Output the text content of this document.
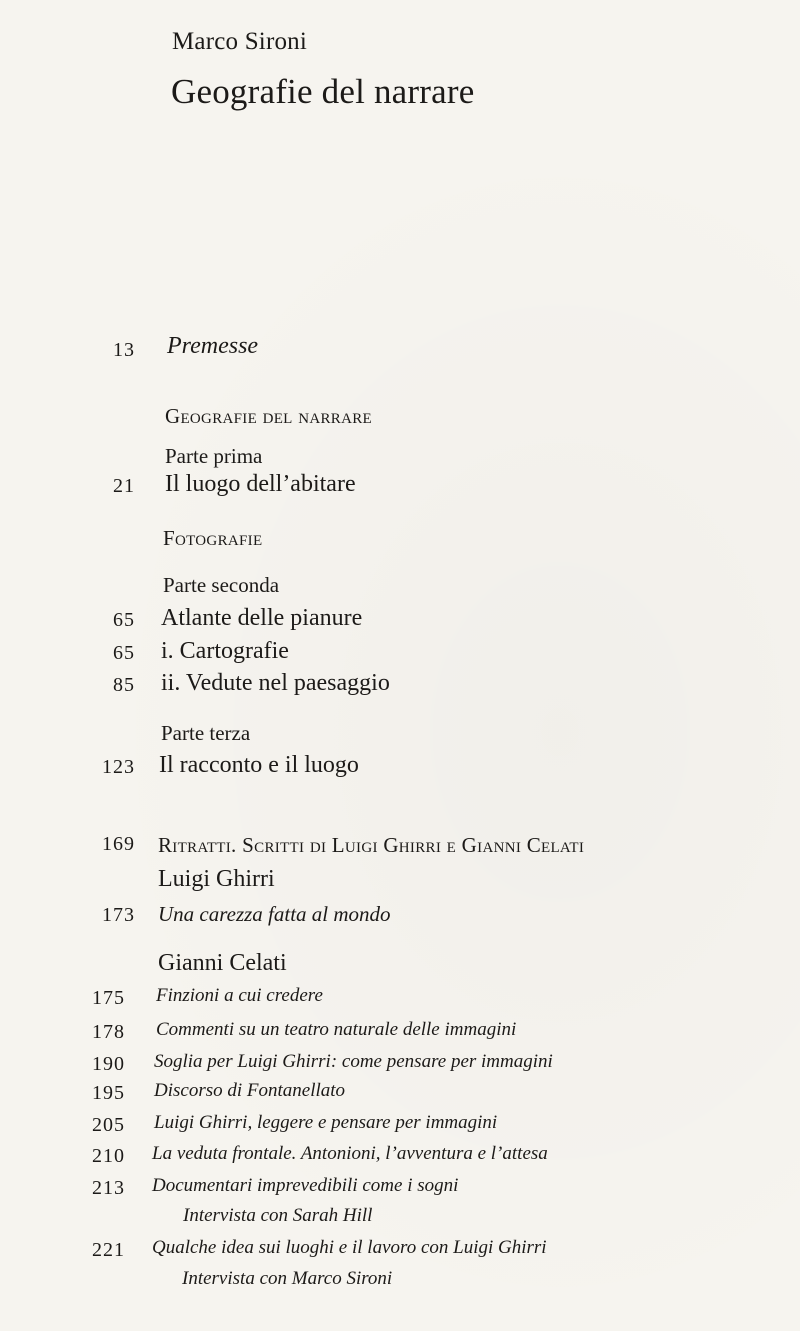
Marco Sironi
Geografie del narrare
13 Premesse
Geografie del narrare
Parte prima
21 Il luogo dell’abitare
Fotografie
Parte seconda
65 Atlante delle pianure
65 i. Cartografie
85 ii. Vedute nel paesaggio
Parte terza
123 Il racconto e il luogo
169 Ritratti. Scritti di Luigi Ghirri e Gianni Celati
Luigi Ghirri
173 Una carezza fatta al mondo
Gianni Celati
175 Finzioni a cui credere
178 Commenti su un teatro naturale delle immagini
190 Soglia per Luigi Ghirri: come pensare per immagini
195 Discorso di Fontanellato
205 Luigi Ghirri, leggere e pensare per immagini
210 La veduta frontale. Antonioni, l’avventura e l’attesa
213 Documentari imprevedibili come i sogni
Intervista con Sarah Hill
221 Qualche idea sui luoghi e il lavoro con Luigi Ghirri
Intervista con Marco Sironi
